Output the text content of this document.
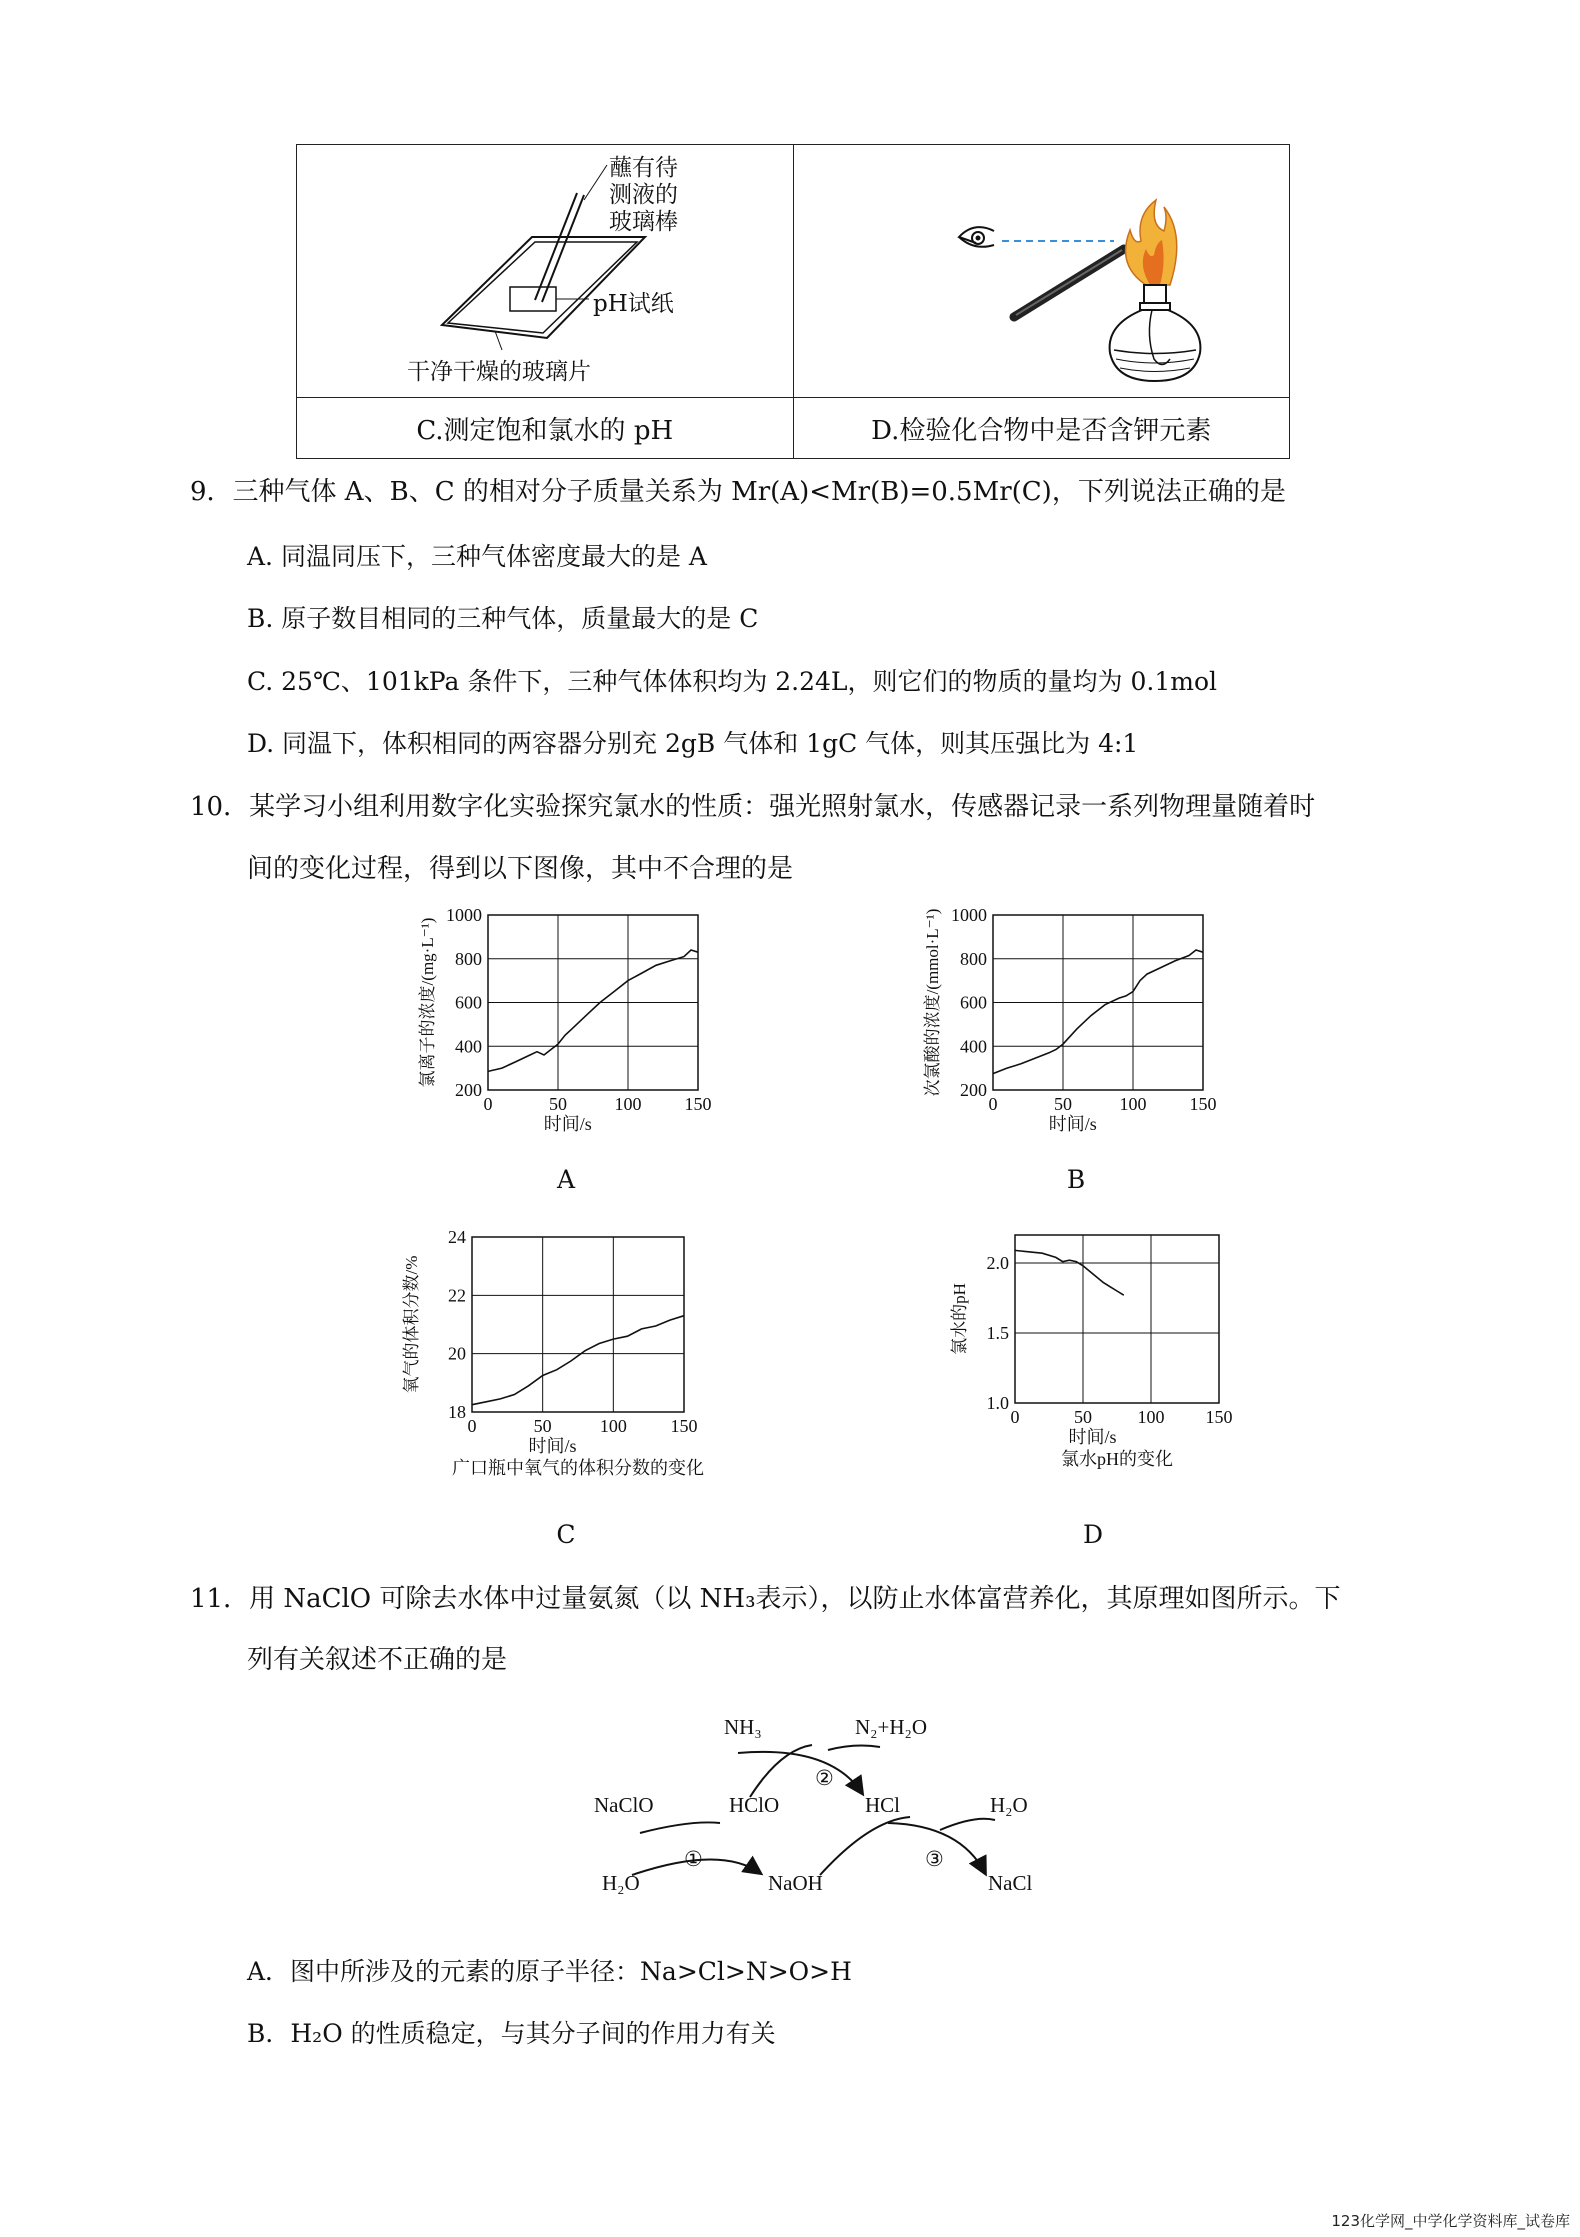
蘸有待
测液的
玻璃棒
pH试纸
干净干燥的玻璃片

C.测定饱和氯水的 pH	D.检验化合物中是否含钾元素
9．三种气体 A、B、C 的相对分子质量关系为 Mr(A)<Mr(B)=0.5Mr(C)，下列说法正确的是
A. 同温同压下，三种气体密度最大的是 A
B. 原子数目相同的三种气体，质量最大的是 C
C. 25℃、101kPa 条件下，三种气体体积均为 2.24L，则它们的物质的量均为 0.1mol
D. 同温下，体积相同的两容器分别充 2gB 气体和 1gC 气体，则其压强比为 4:1
10．某学习小组利用数字化实验探究氯水的性质：强光照射氯水，传感器记录一系列物理量随着时
间的变化过程，得到以下图像，其中不合理的是
0	50	100 150
200
400
600
800
1000
时间/s
氯离子的浓度/(mg·L⁻¹)
0	50	100 150
200
400
600
800
1000
时间/s
次氯酸的浓度/(mmol·L⁻¹)
0	50	100 150
18
20
22
24
时间/s
氧气的体积分数/%
广口瓶中氧气的体积分数的变化
0	50	100 150
1.0
1.5
2.0
时间/s
氯水的pH
氯水pH的变化
A	B
C	D
11．用 NaClO 可除去水体中过量氨氮（以 NH₃表示），以防止水体富营养化，其原理如图所示。下
列有关叙述不正确的是
NaClO
H₂O
HClO
NaOH
NH₃	N₂+H₂O
HCl	H₂O
NaCl
①
②
③
A．图中所涉及的元素的原子半径：Na>Cl>N>O>H
B．H₂O 的性质稳定，与其分子间的作用力有关
123化学网_中学化学资料库_试卷库
